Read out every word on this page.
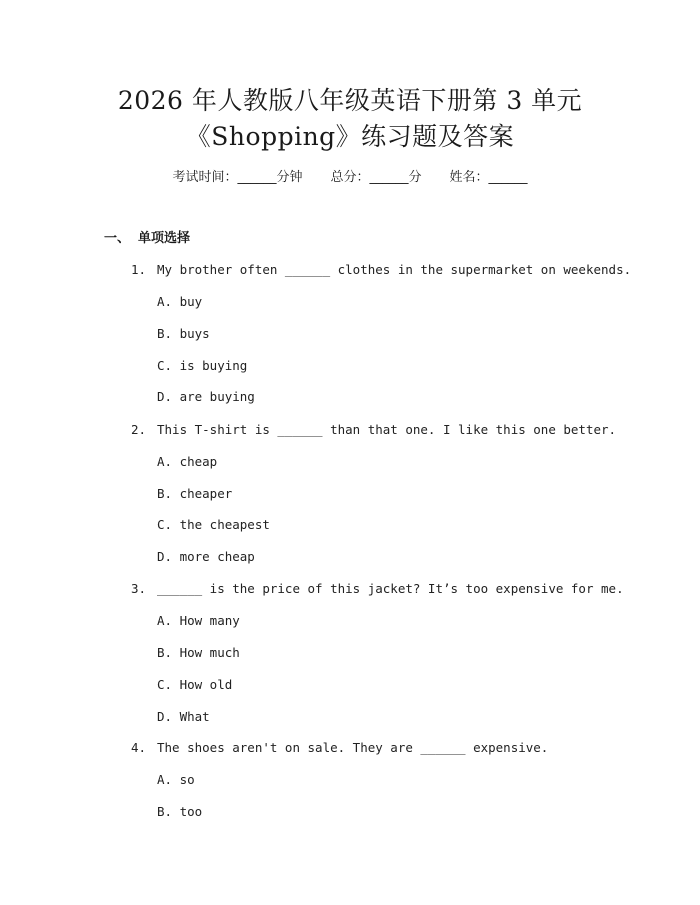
2026 年人教版八年级英语下册第 3 单元
《Shopping》练习题及答案
考试时间：______分钟 总分：______分 姓名：______
一、 单项选择
1. My brother often ______ clothes in the supermarket on weekends.
A. buy
B. buys
C. is buying
D. are buying
2. This T-shirt is ______ than that one. I like this one better.
A. cheap
B. cheaper
C. the cheapest
D. more cheap
3. ______ is the price of this jacket? It’s too expensive for me.
A. How many
B. How much
C. How old
D. What
4. The shoes aren't on sale. They are ______ expensive.
A. so
B. too
